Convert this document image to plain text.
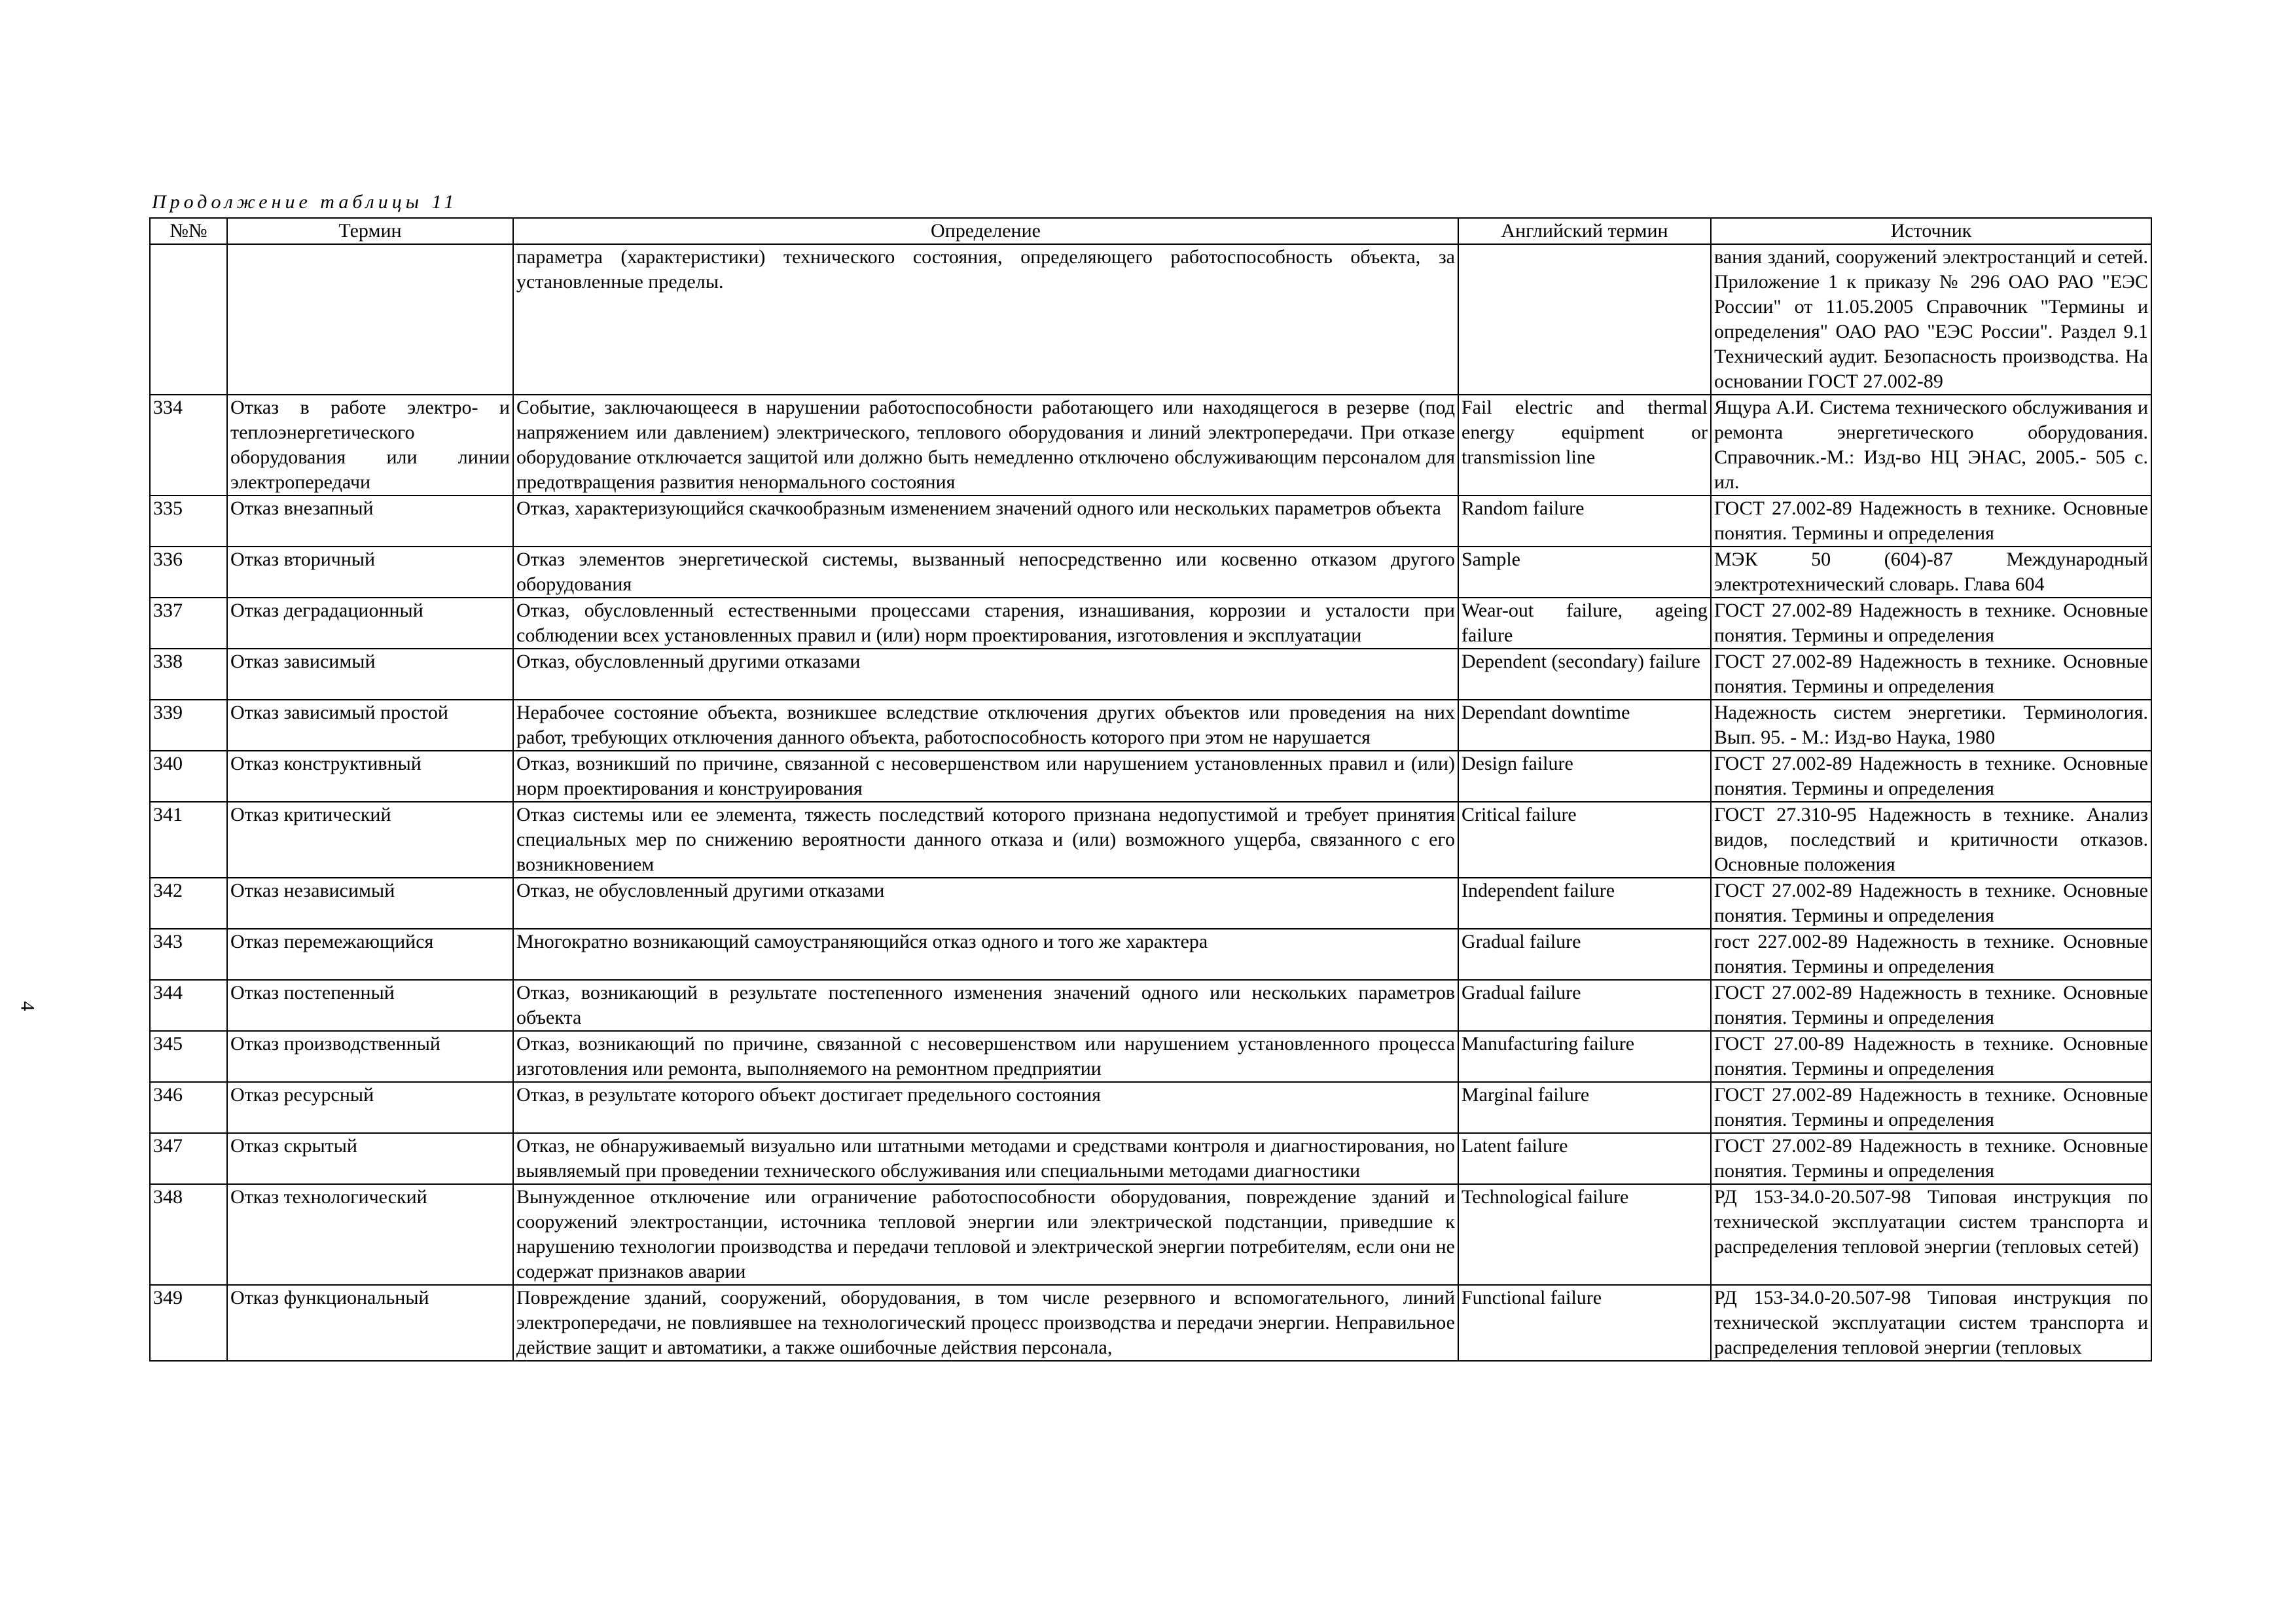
Продолжение таблицы 11
4
№№	Термин	Определение	Английский термин	Источник
		параметра (характеристики) технического состояния, определяющего работоспособность объекта, за установленные пределы.		вания зданий, сооружений электростанций и сетей. Приложение 1 к приказу № 296 ОАО РАО "ЕЭС России" от 11.05.2005 Справочник "Термины и определения" ОАО РАО "ЕЭС России". Раздел 9.1 Технический аудит. Безопасность производства. На основании ГОСТ 27.002-89
334	Отказ в работе электро- и теплоэнергетического оборудования или линии электропередачи	Событие, заключающееся в нарушении работоспособности работающего или находящегося в резерве (под напряжением или давлением) электрического, теплового оборудования и линий электропередачи. При отказе оборудование отключается защитой или должно быть немедленно отключено обслуживающим персоналом для предотвращения развития ненормального состояния	Fail electric and thermal energy equipment or transmission line	Ящура А.И. Система технического обслуживания и ремонта энергетического оборудования. Справочник.-М.: Изд-во НЦ ЭНАС, 2005.- 505 с. ил.
335	Отказ внезапный	Отказ, характеризующийся скачкообразным изменением значений одного или нескольких параметров объекта	Random failure	ГОСТ 27.002-89 Надежность в технике. Основные понятия. Термины и определения
336	Отказ вторичный	Отказ элементов энергетической системы, вызванный непосредственно или косвенно отказом другого оборудования	Sample	МЭК 50 (604)-87 Международный электротехнический словарь. Глава 604
337	Отказ деградационный	Отказ, обусловленный естественными процессами старения, изнашивания, коррозии и усталости при соблюдении всех установленных правил и (или) норм проектирования, изготовления и эксплуатации	Wear-out failure, ageing failure	ГОСТ 27.002-89 Надежность в технике. Основные понятия. Термины и определения
338	Отказ зависимый	Отказ, обусловленный другими отказами	Dependent (secondary) failure	ГОСТ 27.002-89 Надежность в технике. Основные понятия. Термины и определения
339	Отказ зависимый простой	Нерабочее состояние объекта, возникшее вследствие отключения других объектов или проведения на них работ, требующих отключения данного объекта, работоспособность которого при этом не нарушается	Dependant downtime	Надежность систем энергетики. Терминология. Вып. 95. - М.: Изд-во Наука, 1980
340	Отказ конструктивный	Отказ, возникший по причине, связанной с несовершенством или нарушением установленных правил и (или) норм проектирования и конструирования	Design failure	ГОСТ 27.002-89 Надежность в технике. Основные понятия. Термины и определения
341	Отказ критический	Отказ системы или ее элемента, тяжесть последствий которого признана недопустимой и требует принятия специальных мер по снижению вероятности данного отказа и (или) возможного ущерба, связанного с его возникновением	Critical failure	ГОСТ 27.310-95 Надежность в технике. Анализ видов, последствий и критичности отказов. Основные положения
342	Отказ независимый	Отказ, не обусловленный другими отказами	Independent failure	ГОСТ 27.002-89 Надежность в технике. Основные понятия. Термины и определения
343	Отказ перемежающийся	Многократно возникающий самоустраняющийся отказ одного и того же характера	Gradual failure	гост 227.002-89 Надежность в технике. Основные понятия. Термины и определения
344	Отказ постепенный	Отказ, возникающий в результате постепенного изменения значений одного или нескольких параметров объекта	Gradual failure	ГОСТ 27.002-89 Надежность в технике. Основные понятия. Термины и определения
345	Отказ производственный	Отказ, возникающий по причине, связанной с несовершенством или нарушением установленного процесса изготовления или ремонта, выполняемого на ремонтном предприятии	Manufacturing failure	ГОСТ 27.00-89 Надежность в технике. Основные понятия. Термины и определения
346	Отказ ресурсный	Отказ, в результате которого объект достигает предельного состояния	Marginal failure	ГОСТ 27.002-89 Надежность в технике. Основные понятия. Термины и определения
347	Отказ скрытый	Отказ, не обнаруживаемый визуально или штатными методами и средствами контроля и диагностирования, но выявляемый при проведении технического обслуживания или специальными методами диагностики	Latent failure	ГОСТ 27.002-89 Надежность в технике. Основные понятия. Термины и определения
348	Отказ технологический	Вынужденное отключение или ограничение работоспособности оборудования, повреждение зданий и сооружений электростанции, источника тепловой энергии или электрической подстанции, приведшие к нарушению технологии производства и передачи тепловой и электрической энергии потребителям, если они не содержат признаков аварии	Technological failure	РД 153-34.0-20.507-98 Типовая инструкция по технической эксплуатации систем транспорта и распределения тепловой энергии (тепловых сетей)
349	Отказ функциональный	Повреждение зданий, сооружений, оборудования, в том числе резервного и вспомогательного, линий электропередачи, не повлиявшее на технологический процесс производства и передачи энергии. Неправильное действие защит и автоматики, а также ошибочные действия персонала,	Functional failure	РД 153-34.0-20.507-98 Типовая инструкция по технической эксплуатации систем транспорта и распределения тепловой энергии (тепловых
